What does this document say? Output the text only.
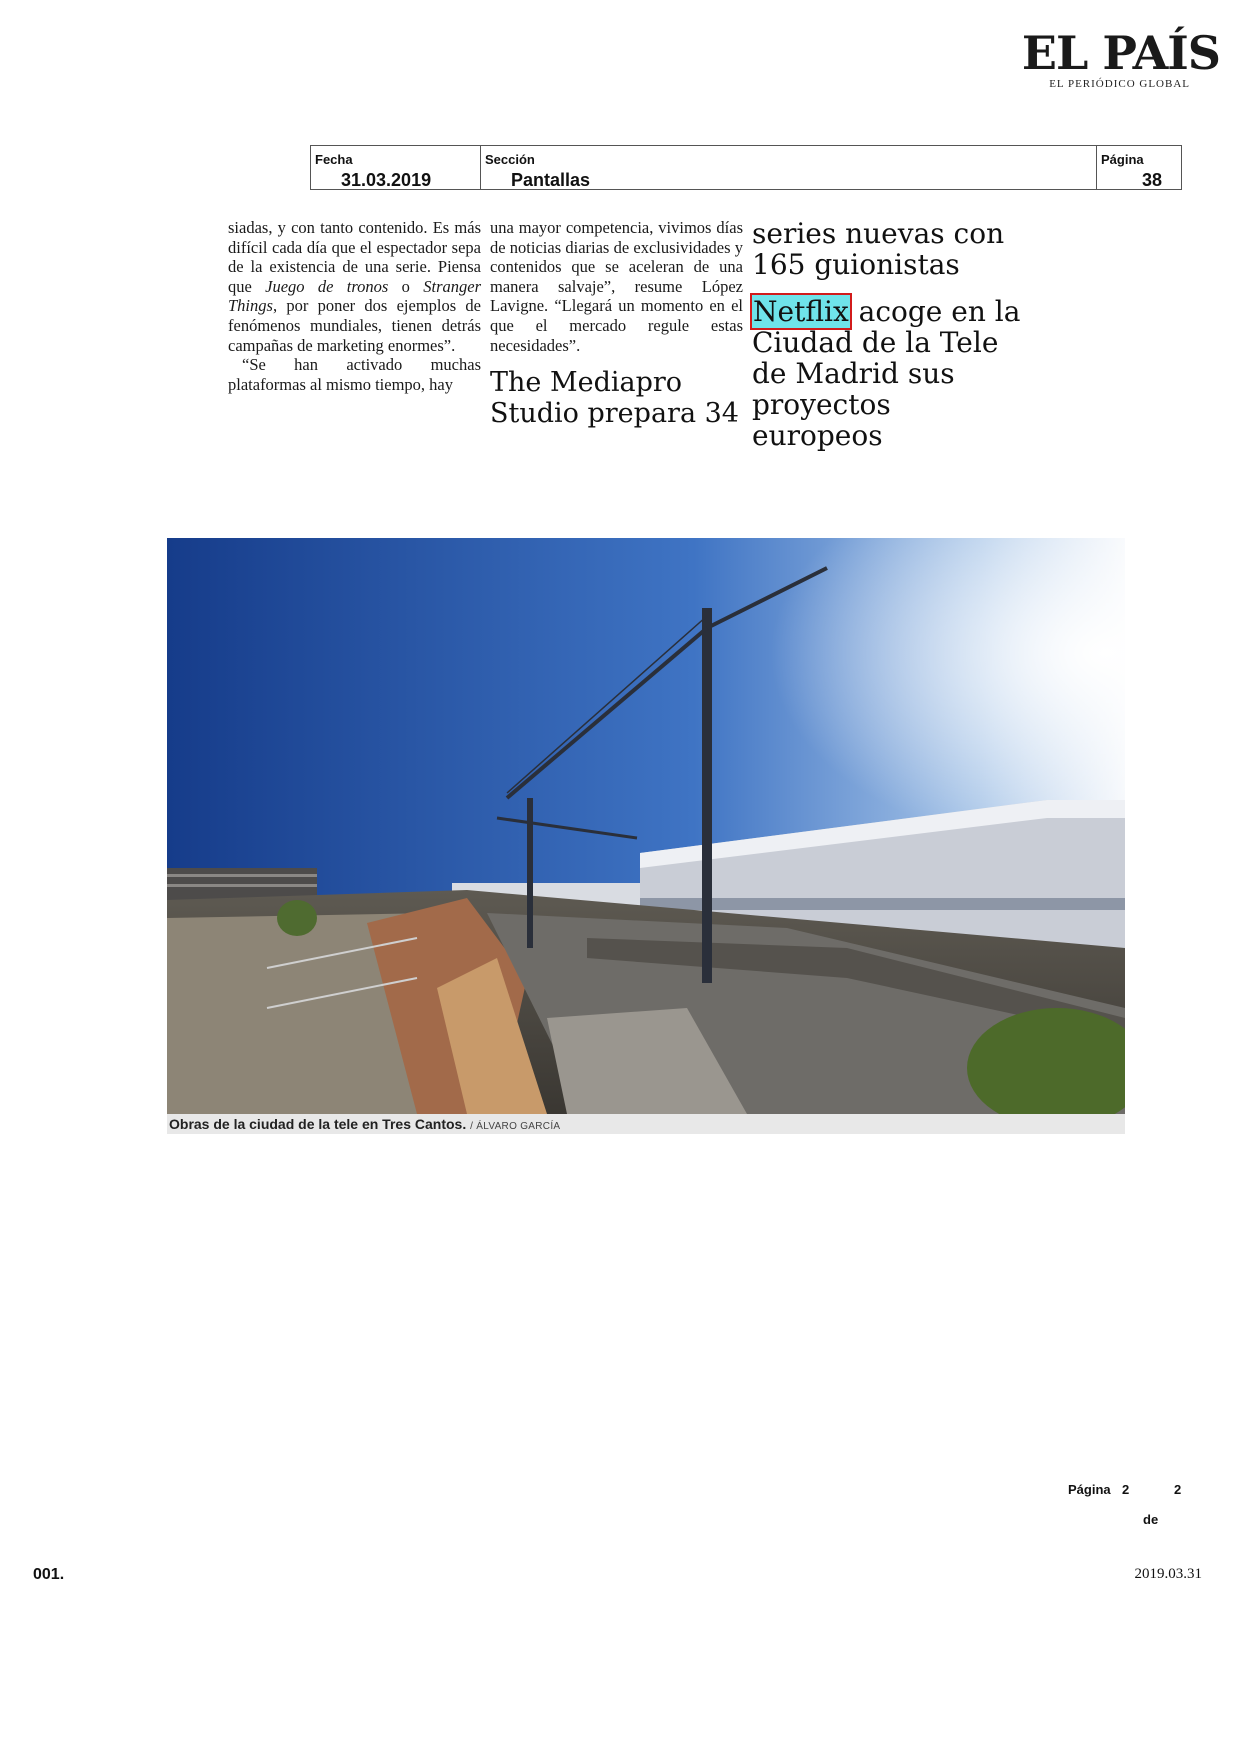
EL PAÍS
EL PERIÓDICO GLOBAL
Fecha
31.03.2019
Sección
Pantallas
Página
38

siadas, y con tanto contenido. Es más difícil cada día que el espectador sepa de la existencia de una serie. Piensa que Juego de tronos o Stranger Things, por poner dos ejemplos de fenómenos mundiales, tienen detrás campañas de marketing enormes”.

“Se han activado muchas plataformas al mismo tiempo, hay

una mayor competencia, vivimos días de noticias diarias de exclusividades y contenidos que se aceleran de una manera salvaje”, resume López Lavigne. “Llegará un momento en el que el mercado regule estas necesidades”.

The Mediapro Studio prepara 34

series nuevas con 165 guionistas

Netflix acoge en la Ciudad de la Tele de Madrid sus proyectos europeos

Obras de la ciudad de la tele en Tres Cantos. / ÁLVARO GARCÍA
Página 2	2
de
001.	2019.03.31
